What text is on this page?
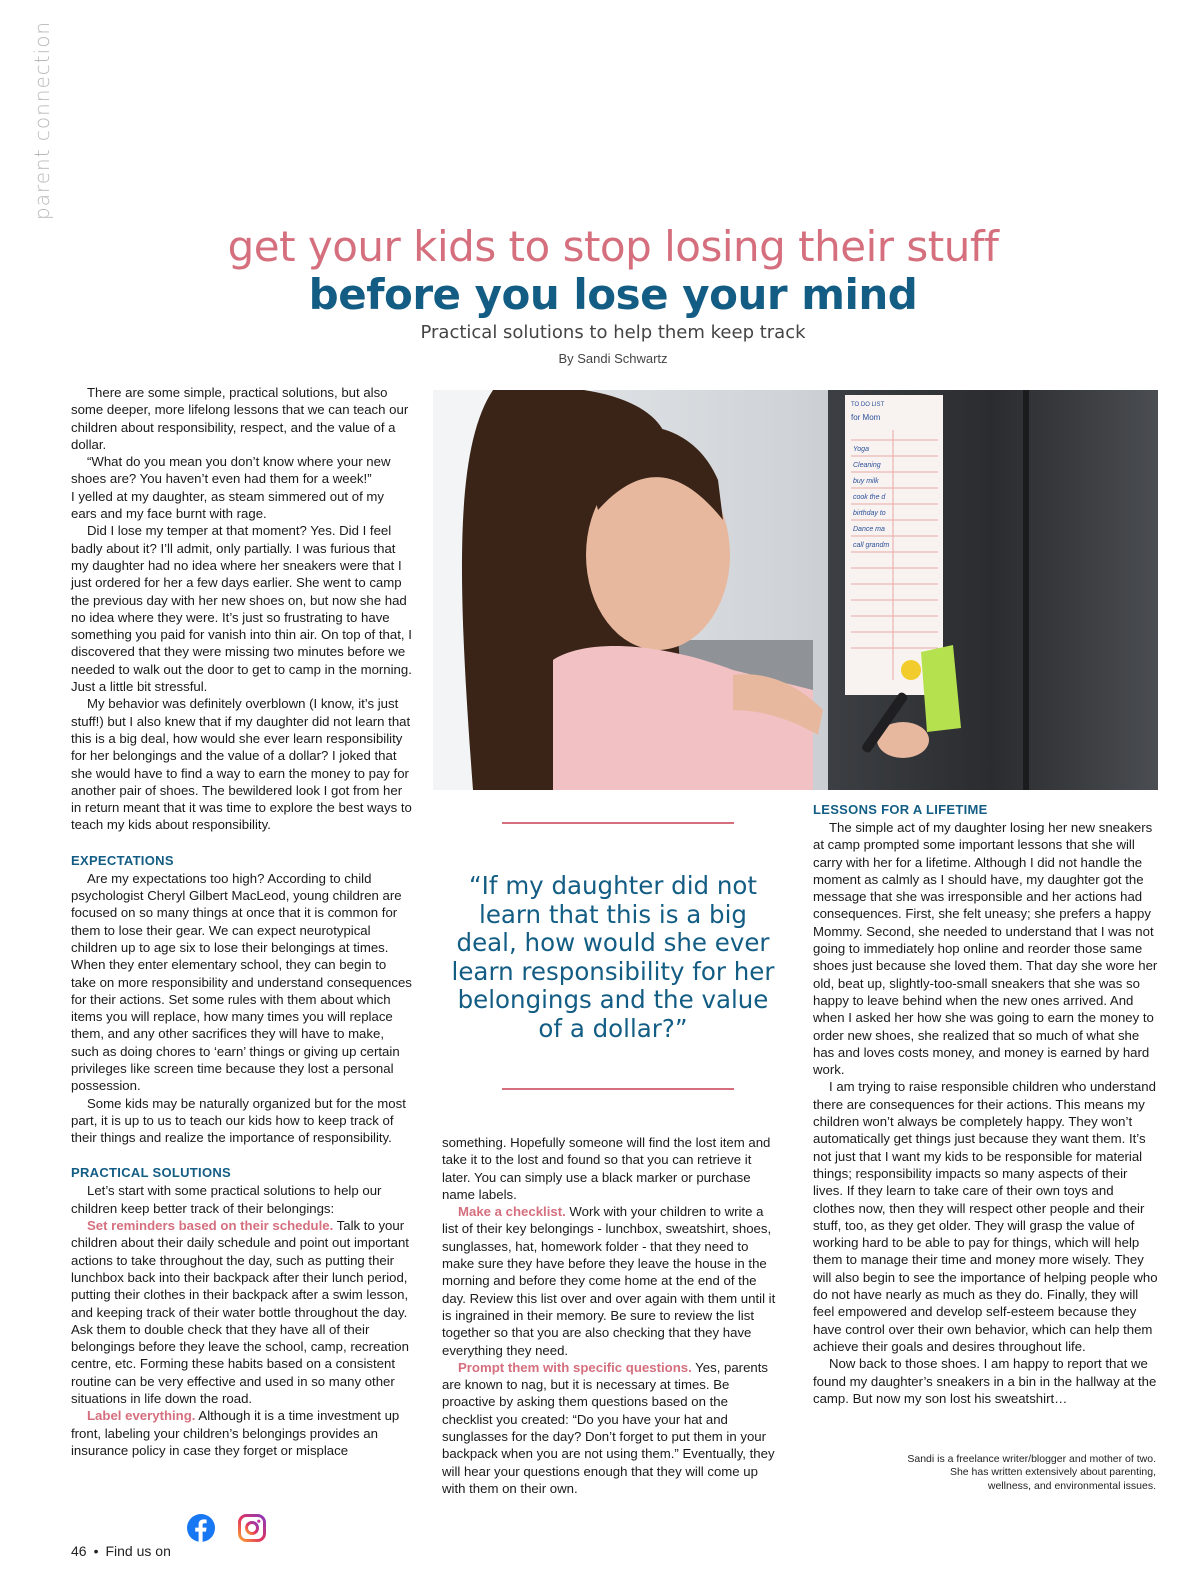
parent connection
get your kids to stop losing their stuff
before you lose your mind
Practical solutions to help them keep track
By Sandi Schwartz

There are some simple, practical solutions, but also some deeper, more lifelong lessons that we can teach our children about responsibility, respect, and the value of a dollar.

“What do you mean you don’t know where your new shoes are? You haven’t even had them for a week!”

I yelled at my daughter, as steam simmered out of my ears and my face burnt with rage.

Did I lose my temper at that moment? Yes. Did I feel badly about it? I’ll admit, only partially. I was furious that my daughter had no idea where her sneakers were that I just ordered for her a few days earlier. She went to camp the previous day with her new shoes on, but now she had no idea where they were. It’s just so frustrating to have something you paid for vanish into thin air. On top of that, I discovered that they were missing two minutes before we needed to walk out the door to get to camp in the morning. Just a little bit stressful.

My behavior was definitely overblown (I know, it’s just stuff!) but I also knew that if my daughter did not learn that this is a big deal, how would she ever learn responsibility for her belongings and the value of a dollar? I joked that she would have to find a way to earn the money to pay for another pair of shoes. The bewildered look I got from her in return meant that it was time to explore the best ways to teach my kids about responsibility.

EXPECTATIONS

Are my expectations too high? According to child psychologist Cheryl Gilbert MacLeod, young children are focused on so many things at once that it is common for them to lose their gear. We can expect neurotypical children up to age six to lose their belongings at times. When they enter elementary school, they can begin to take on more responsibility and understand consequences for their actions. Set some rules with them about which items you will replace, how many times you will replace them, and any other sacrifices they will have to make, such as doing chores to ‘earn’ things or giving up certain privileges like screen time because they lost a personal possession.

Some kids may be naturally organized but for the most part, it is up to us to teach our kids how to keep track of their things and realize the importance of responsibility.

PRACTICAL SOLUTIONS

Let’s start with some practical solutions to help our children keep better track of their belongings:

Set reminders based on their schedule. Talk to your children about their daily schedule and point out important actions to take throughout the day, such as putting their lunchbox back into their backpack after their lunch period, putting their clothes in their backpack after a swim lesson, and keeping track of their water bottle throughout the day. Ask them to double check that they have all of their belongings before they leave the school, camp, recreation centre, etc. Forming these habits based on a consistent routine can be very effective and used in so many other situations in life down the road.

Label everything. Although it is a time investment up front, labeling your children’s belongings provides an insurance policy in case they forget or misplace

TO DO LIST
for Mom
Yoga
Cleaning
buy milk
cook the d
birthday to
Dance ma
call grandm
“If my daughter did not learn that this is a big deal, how would she ever learn responsibility for her belongings and the value of a dollar?”

something. Hopefully someone will find the lost item and take it to the lost and found so that you can retrieve it later. You can simply use a black marker or purchase name labels.

Make a checklist. Work with your children to write a list of their key belongings - lunchbox, sweatshirt, shoes, sunglasses, hat, homework folder - that they need to make sure they have before they leave the house in the morning and before they come home at the end of the day. Review this list over and over again with them until it is ingrained in their memory. Be sure to review the list together so that you are also checking that they have everything they need.

Prompt them with specific questions. Yes, parents are known to nag, but it is necessary at times. Be proactive by asking them questions based on the checklist you created: “Do you have your hat and sunglasses for the day? Don’t forget to put them in your backpack when you are not using them.” Eventually, they will hear your questions enough that they will come up with them on their own.

LESSONS FOR A LIFETIME

The simple act of my daughter losing her new sneakers at camp prompted some important lessons that she will carry with her for a lifetime. Although I did not handle the moment as calmly as I should have, my daughter got the message that she was irresponsible and her actions had consequences. First, she felt uneasy; she prefers a happy Mommy. Second, she needed to understand that I was not going to immediately hop online and reorder those same shoes just because she loved them. That day she wore her old, beat up, slightly-too-small sneakers that she was so happy to leave behind when the new ones arrived. And when I asked her how she was going to earn the money to order new shoes, she realized that so much of what she has and loves costs money, and money is earned by hard work.

I am trying to raise responsible children who understand there are consequences for their actions. This means my children won’t always be completely happy. They won’t automatically get things just because they want them. It’s not just that I want my kids to be responsible for material things; responsibility impacts so many aspects of their lives. If they learn to take care of their own toys and clothes now, then they will respect other people and their stuff, too, as they get older. They will grasp the value of working hard to be able to pay for things, which will help them to manage their time and money more wisely. They will also begin to see the importance of helping people who do not have nearly as much as they do. Finally, they will feel empowered and develop self-esteem because they have control over their own behavior, which can help them achieve their goals and desires throughout life.

Now back to those shoes. I am happy to report that we found my daughter’s sneakers in a bin in the hallway at the camp. But now my son lost his sweatshirt…

Sandi is a freelance writer/blogger and mother of two.
She has written extensively about parenting,
wellness, and environmental issues.
46 • Find us on
